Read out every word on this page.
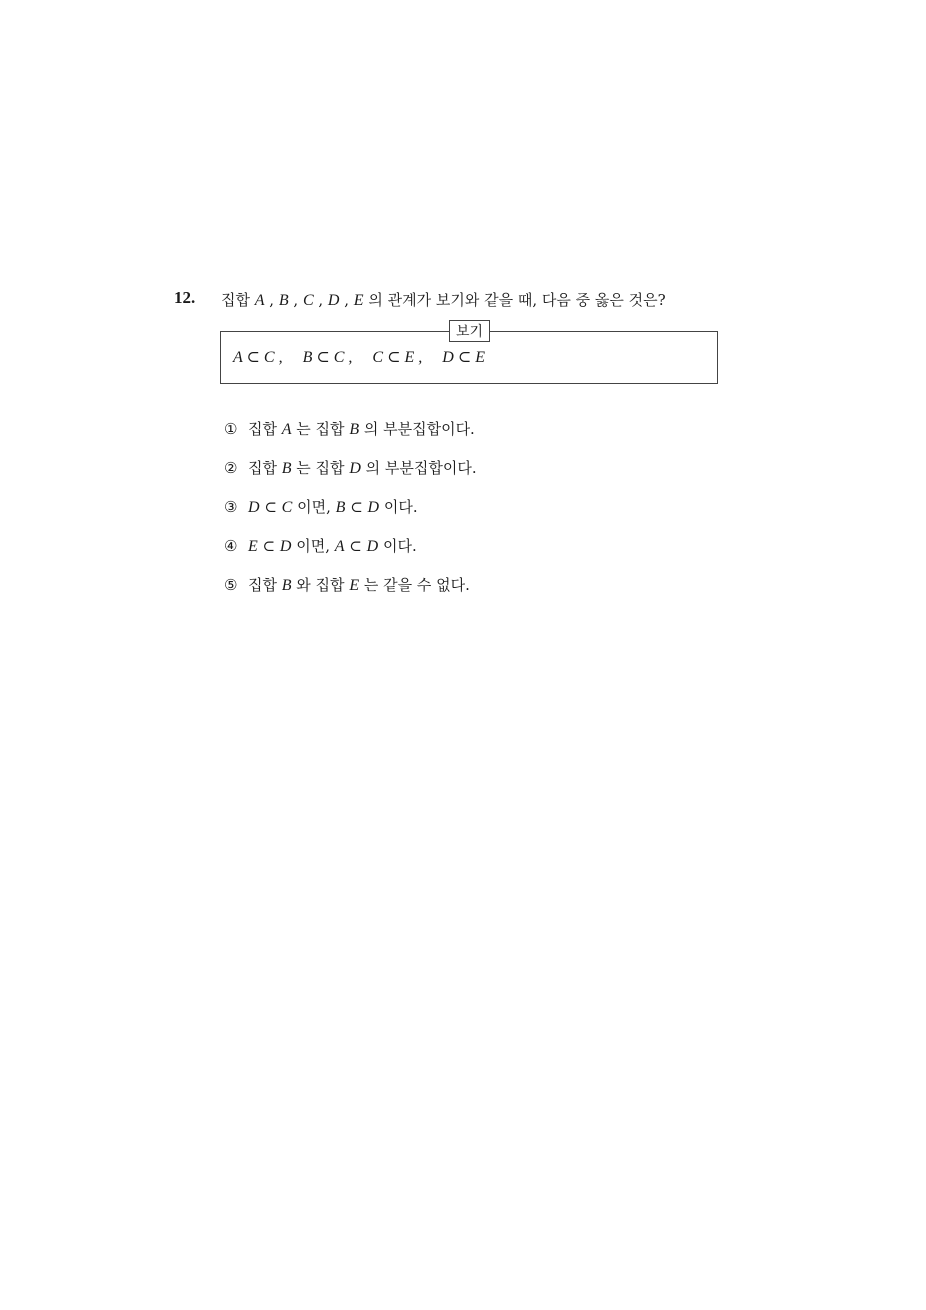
12. 집합 A , B , C , D , E 의 관계가 보기와 같을 때, 다음 중 옳은 것은?
보기
A ⊂ C , B ⊂ C , C ⊂ E , D ⊂ E
① 집합 A 는 집합 B 의 부분집합이다.
② 집합 B 는 집합 D 의 부분집합이다.
③ D ⊂ C 이면, B ⊂ D 이다.
④ E ⊂ D 이면, A ⊂ D 이다.
⑤ 집합 B 와 집합 E 는 같을 수 없다.
